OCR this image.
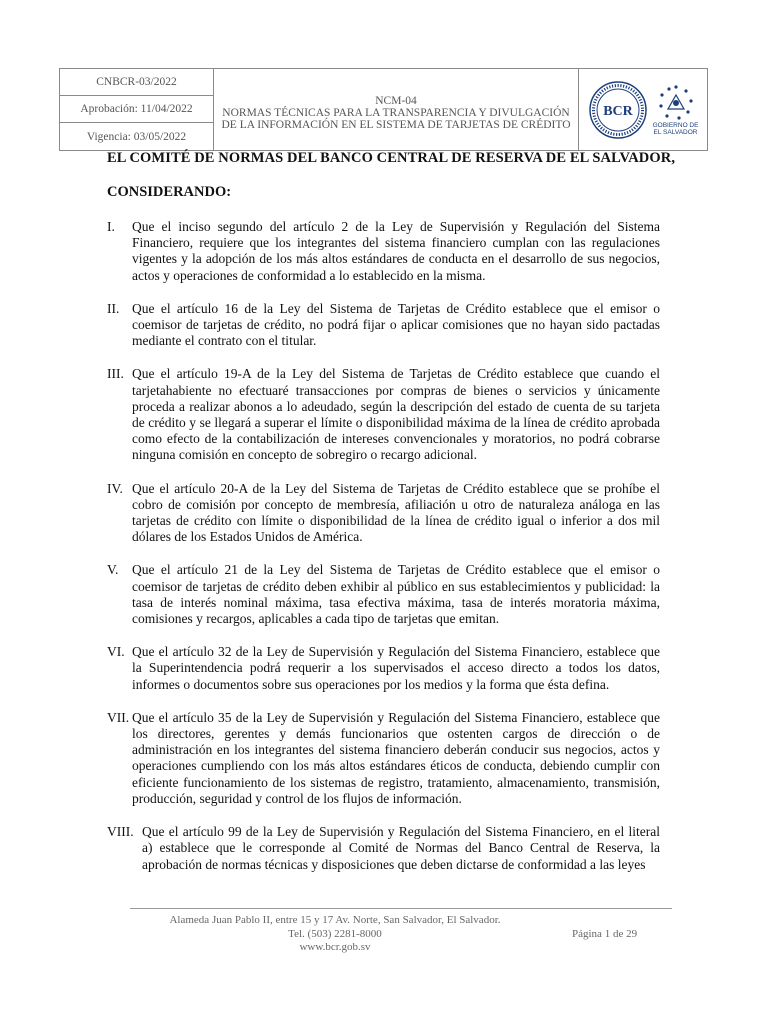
CNBCR-03/2022
Aprobación: 11/04/2022
Vigencia: 03/05/2022
NCM-04
NORMAS TÉCNICAS PARA LA TRANSPARENCIA Y DIVULGACIÓN
DE LA INFORMACIÓN EN EL SISTEMA DE TARJETAS DE CRÉDITO
BCR
GOBIERNO DE
EL SALVADOR
EL COMITÉ DE NORMAS DEL BANCO CENTRAL DE RESERVA DE EL SALVADOR,
CONSIDERANDO:
I. Que el inciso segundo del artículo 2 de la Ley de Supervisión y Regulación del Sistema Financiero, requiere que los integrantes del sistema financiero cumplan con las regulaciones vigentes y la adopción de los más altos estándares de conducta en el desarrollo de sus negocios, actos y operaciones de conformidad a lo establecido en la misma.
II. Que el artículo 16 de la Ley del Sistema de Tarjetas de Crédito establece que el emisor o coemisor de tarjetas de crédito, no podrá fijar o aplicar comisiones que no hayan sido pactadas mediante el contrato con el titular.
III. Que el artículo 19-A de la Ley del Sistema de Tarjetas de Crédito establece que cuando el tarjetahabiente no efectuaré transacciones por compras de bienes o servicios y únicamente proceda a realizar abonos a lo adeudado, según la descripción del estado de cuenta de su tarjeta de crédito y se llegará a superar el límite o disponibilidad máxima de la línea de crédito aprobada como efecto de la contabilización de intereses convencionales y moratorios, no podrá cobrarse ninguna comisión en concepto de sobregiro o recargo adicional.
IV. Que el artículo 20-A de la Ley del Sistema de Tarjetas de Crédito establece que se prohíbe el cobro de comisión por concepto de membresía, afiliación u otro de naturaleza análoga en las tarjetas de crédito con límite o disponibilidad de la línea de crédito igual o inferior a dos mil dólares de los Estados Unidos de América.
V. Que el artículo 21 de la Ley del Sistema de Tarjetas de Crédito establece que el emisor o coemisor de tarjetas de crédito deben exhibir al público en sus establecimientos y publicidad: la tasa de interés nominal máxima, tasa efectiva máxima, tasa de interés moratoria máxima, comisiones y recargos, aplicables a cada tipo de tarjetas que emitan.
VI. Que el artículo 32 de la Ley de Supervisión y Regulación del Sistema Financiero, establece que la Superintendencia podrá requerir a los supervisados el acceso directo a todos los datos, informes o documentos sobre sus operaciones por los medios y la forma que ésta defina.
VII. Que el artículo 35 de la Ley de Supervisión y Regulación del Sistema Financiero, establece que los directores, gerentes y demás funcionarios que ostenten cargos de dirección o de administración en los integrantes del sistema financiero deberán conducir sus negocios, actos y operaciones cumpliendo con los más altos estándares éticos de conducta, debiendo cumplir con eficiente funcionamiento de los sistemas de registro, tratamiento, almacenamiento, transmisión, producción, seguridad y control de los flujos de información.
VIII. Que el artículo 99 de la Ley de Supervisión y Regulación del Sistema Financiero, en el literal a) establece que le corresponde al Comité de Normas del Banco Central de Reserva, la aprobación de normas técnicas y disposiciones que deben dictarse de conformidad a las leyes
Alameda Juan Pablo II, entre 15 y 17 Av. Norte, San Salvador, El Salvador.
Tel. (503) 2281-8000
www.bcr.gob.sv
Página 1 de 29
